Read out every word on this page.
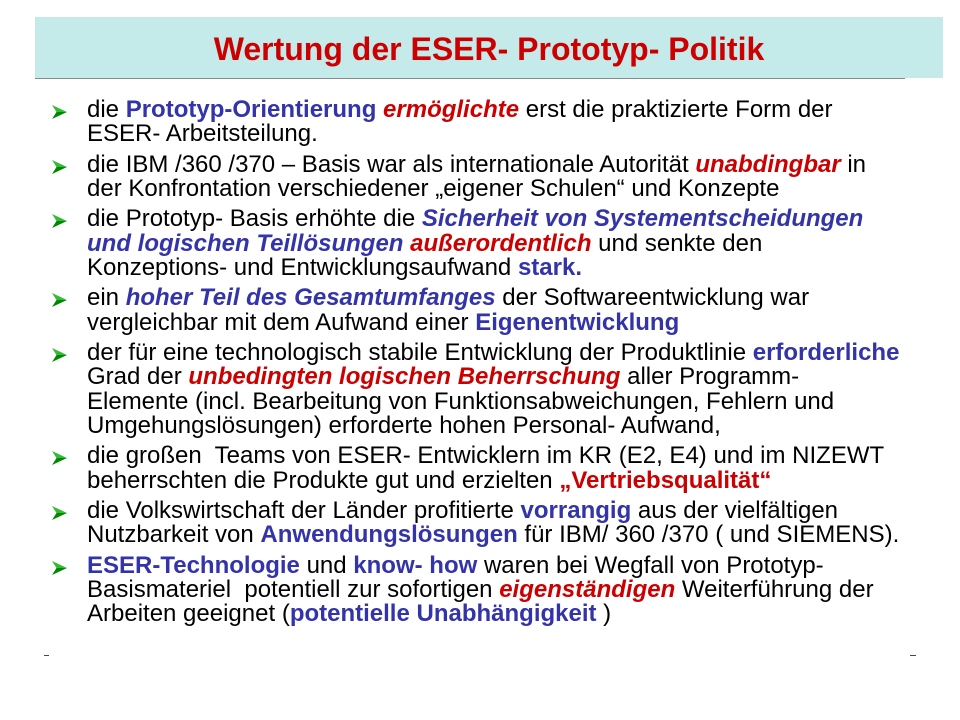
Wertung der ESER- Prototyp- Politik
die Prototyp-Orientierung ermöglichte erst die praktizierte Form der
ESER- Arbeitsteilung.
die IBM /360 /370 – Basis war als internationale Autorität unabdingbar in
der Konfrontation verschiedener „eigener Schulen“ und Konzepte
die Prototyp- Basis erhöhte die Sicherheit von Systementscheidungen
und logischen Teillösungen außerordentlich und senkte den
Konzeptions- und Entwicklungsaufwand stark.
ein hoher Teil des Gesamtumfanges der Softwareentwicklung war
vergleichbar mit dem Aufwand einer Eigenentwicklung
der für eine technologisch stabile Entwicklung der Produktlinie erforderliche
Grad der unbedingten logischen Beherrschung aller Programm-
Elemente (incl. Bearbeitung von Funktionsabweichungen, Fehlern und
Umgehungslösungen) erforderte hohen Personal- Aufwand,
die großen  Teams von ESER- Entwicklern im KR (E2, E4) und im NIZEWT
beherrschten die Produkte gut und erzielten „Vertriebsqualität“
die Volkswirtschaft der Länder profitierte vorrangig aus der vielfältigen
Nutzbarkeit von Anwendungslösungen für IBM/ 360 /370 ( und SIEMENS).
ESER-Technologie und know- how waren bei Wegfall von Prototyp-
Basismateriel  potentiell zur sofortigen eigenständigen Weiterführung der
Arbeiten geeignet (potentielle Unabhängigkeit )
